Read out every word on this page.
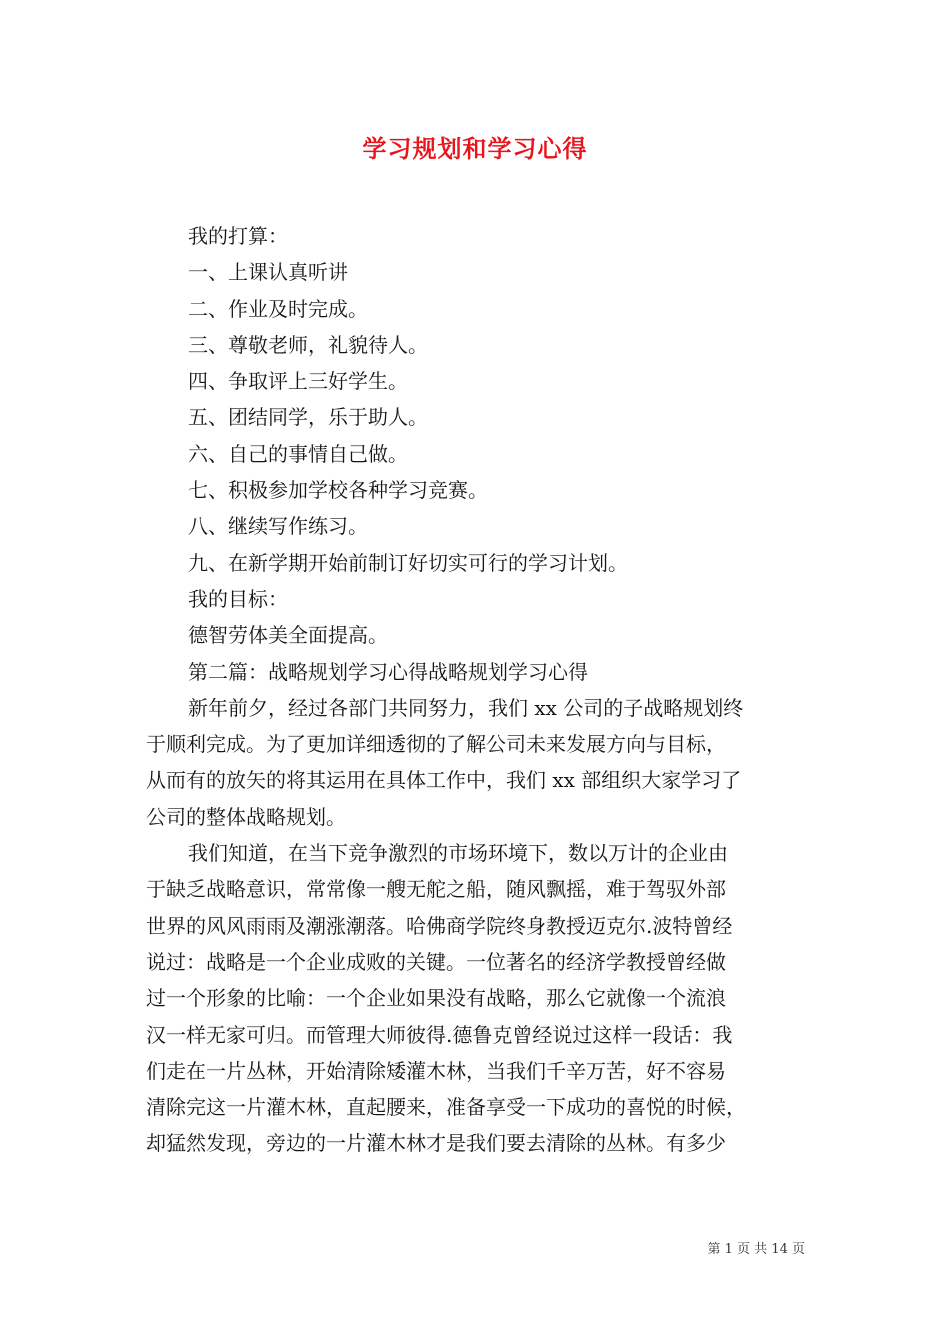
学习规划和学习心得
我的打算：
一、上课认真听讲
二、作业及时完成。
三、尊敬老师，礼貌待人。
四、争取评上三好学生。
五、团结同学，乐于助人。
六、自己的事情自己做。
七、积极参加学校各种学习竞赛。
八、继续写作练习。
九、在新学期开始前制订好切实可行的学习计划。
我的目标：
德智劳体美全面提高。
第二篇：战略规划学习心得战略规划学习心得
新年前夕，经过各部门共同努力，我们 xx 公司的子战略规划终
于顺利完成。为了更加详细透彻的了解公司未来发展方向与目标，
从而有的放矢的将其运用在具体工作中，我们 xx 部组织大家学习了
公司的整体战略规划。
我们知道，在当下竞争激烈的市场环境下，数以万计的企业由
于缺乏战略意识，常常像一艘无舵之船，随风飘摇，难于驾驭外部
世界的风风雨雨及潮涨潮落。哈佛商学院终身教授迈克尔.波特曾经
说过：战略是一个企业成败的关键。一位著名的经济学教授曾经做
过一个形象的比喻：一个企业如果没有战略，那么它就像一个流浪
汉一样无家可归。而管理大师彼得.德鲁克曾经说过这样一段话：我
们走在一片丛林，开始清除矮灌木林，当我们千辛万苦，好不容易
清除完这一片灌木林，直起腰来，准备享受一下成功的喜悦的时候，
却猛然发现，旁边的一片灌木林才是我们要去清除的丛林。有多少
第 1 页 共 14 页
